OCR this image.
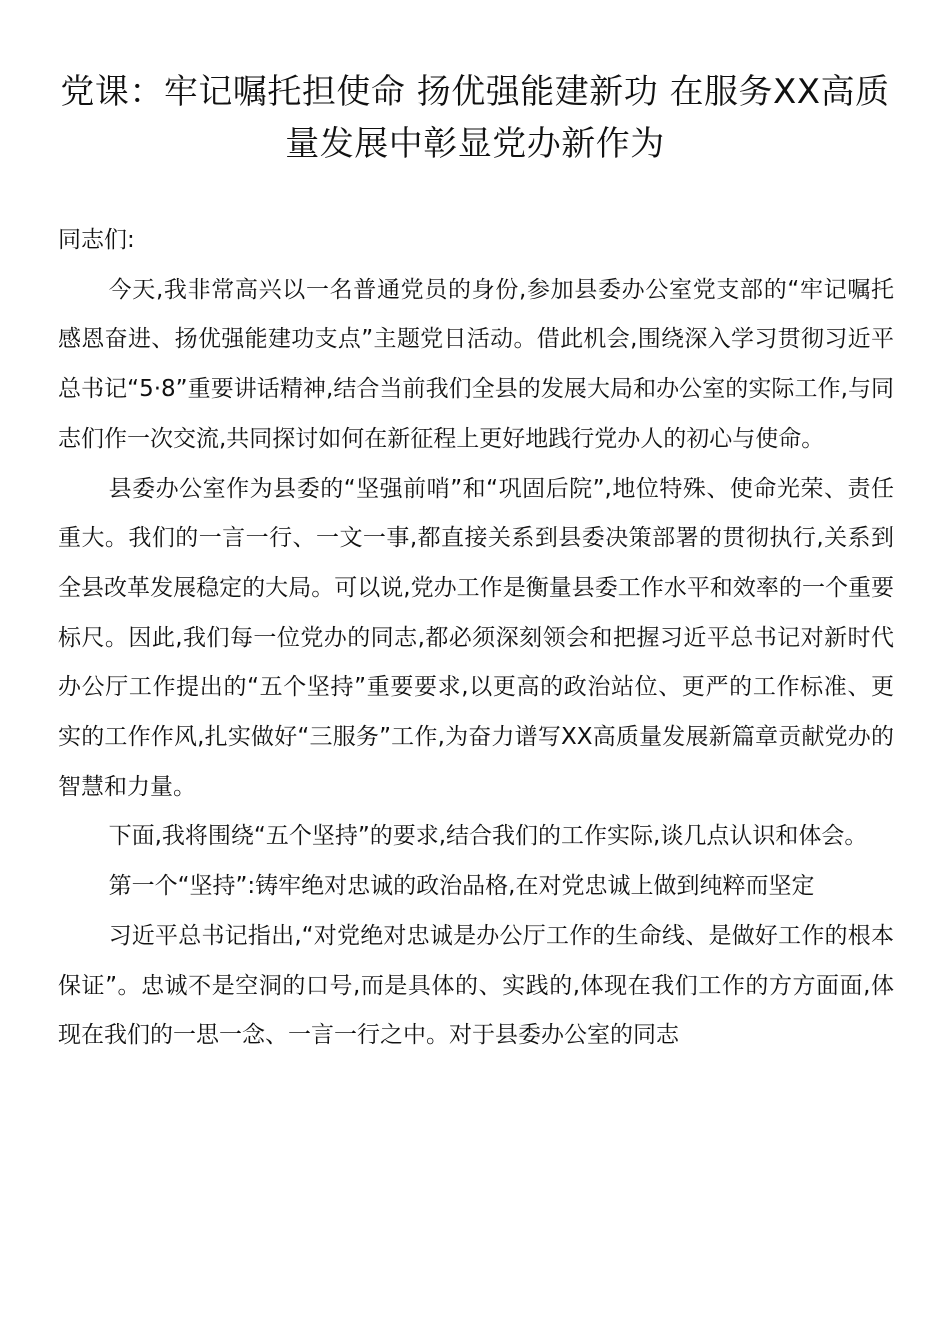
党课：牢记嘱托担使命 扬优强能建新功 在服务XX高质量发展中彰显党办新作为

同志们:

今天,我非常高兴以一名普通党员的身份,参加县委办公室党支部的“牢记嘱托感恩奋进、扬优强能建功支点”主题党日活动。借此机会,围绕深入学习贯彻习近平总书记“5·8”重要讲话精神,结合当前我们全县的发展大局和办公室的实际工作,与同志们作一次交流,共同探讨如何在新征程上更好地践行党办人的初心与使命。

县委办公室作为县委的“坚强前哨”和“巩固后院”,地位特殊、使命光荣、责任重大。我们的一言一行、一文一事,都直接关系到县委决策部署的贯彻执行,关系到全县改革发展稳定的大局。可以说,党办工作是衡量县委工作水平和效率的一个重要标尺。因此,我们每一位党办的同志,都必须深刻领会和把握习近平总书记对新时代办公厅工作提出的“五个坚持”重要要求,以更高的政治站位、更严的工作标准、更实的工作作风,扎实做好“三服务”工作,为奋力谱写XX高质量发展新篇章贡献党办的智慧和力量。

下面,我将围绕“五个坚持”的要求,结合我们的工作实际,谈几点认识和体会。

第一个“坚持”:铸牢绝对忠诚的政治品格,在对党忠诚上做到纯粹而坚定

习近平总书记指出,“对党绝对忠诚是办公厅工作的生命线、是做好工作的根本保证”。忠诚不是空洞的口号,而是具体的、实践的,体现在我们工作的方方面面,体现在我们的一思一念、一言一行之中。对于县委办公室的同志
